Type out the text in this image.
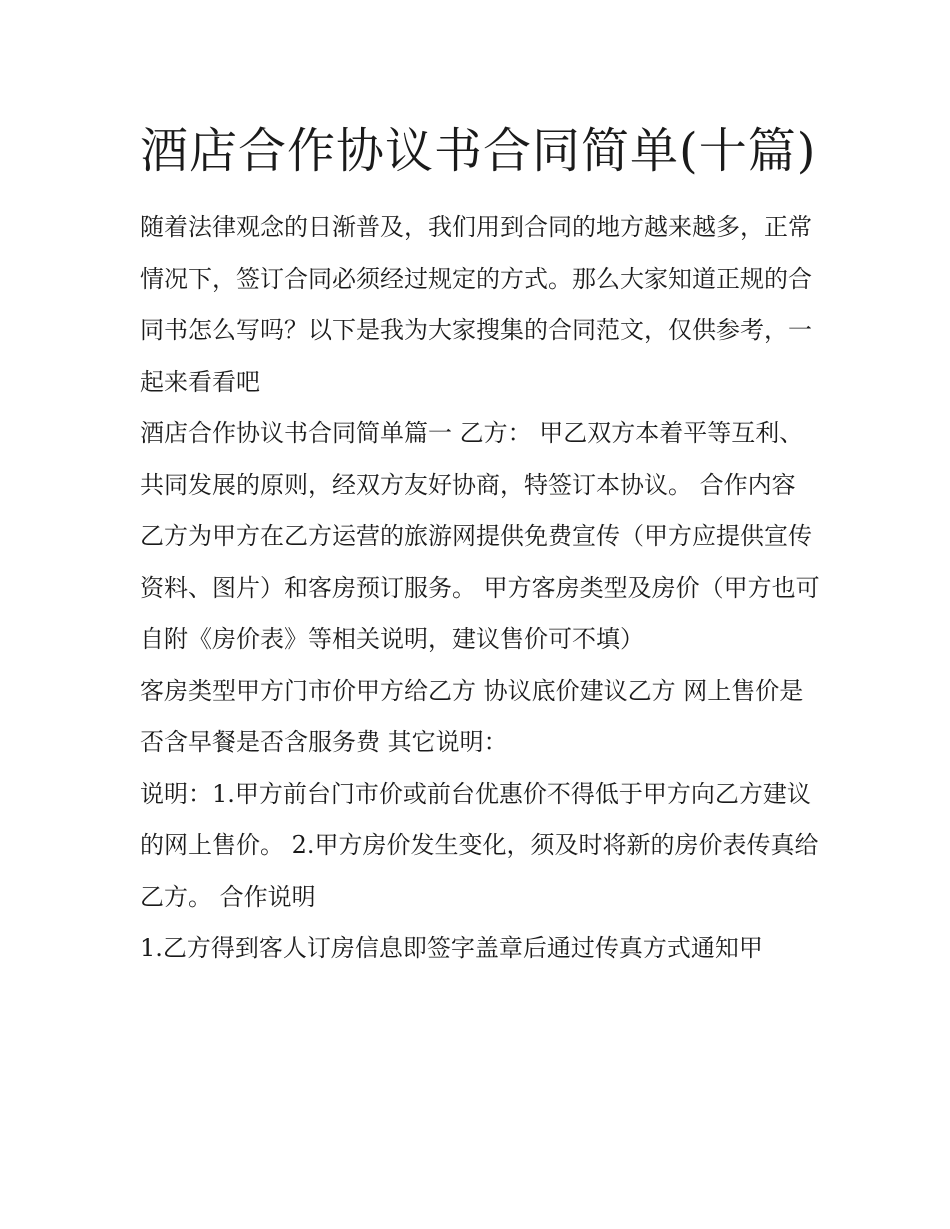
酒店合作协议书合同简单(十篇)

随着法律观念的日渐普及，我们用到合同的地方越来越多，正常情况下，签订合同必须经过规定的方式。那么大家知道正规的合同书怎么写吗？以下是我为大家搜集的合同范文，仅供参考，一起来看看吧

酒店合作协议书合同简单篇一 乙方： 甲乙双方本着平等互利、共同发展的原则，经双方友好协商，特签订本协议。 合作内容

乙方为甲方在乙方运营的旅游网提供免费宣传（甲方应提供宣传资料、图片）和客房预订服务。 甲方客房类型及房价（甲方也可自附《房价表》等相关说明，建议售价可不填）

客房类型甲方门市价甲方给乙方 协议底价建议乙方 网上售价是否含早餐是否含服务费 其它说明：

说明：1.甲方前台门市价或前台优惠价不得低于甲方向乙方建议的网上售价。 2.甲方房价发生变化，须及时将新的房价表传真给乙方。 合作说明

1.乙方得到客人订房信息即签字盖章后通过传真方式通知甲
